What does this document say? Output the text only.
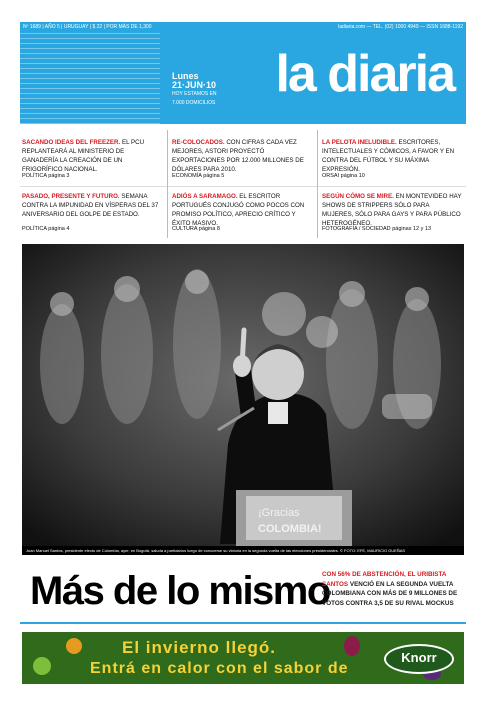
Nº 1689 | AÑO 5 | URUGUAY | $ 22 | POR MÁS DE 1,300	ladiaria.com — TEL. (02) 1000 4949 — ISSN 1688-1192
Lunes
21·JUN·10
HOY ESTAMOS EN
7.000 DOMICILIOS la diaria
SACANDO IDEAS DEL FREEZER. EL PCU REPLANTEARÁ AL MINISTERIO DE GANADERÍA LA CREACIÓN DE UN FRIGORÍFICO NACIONAL.
RE-COLOCADOS. CON CIFRAS CADA VEZ MEJORES, ASTORI PROYECTÓ EXPORTACIONES POR 12.000 MILLONES DE DÓLARES PARA 2010.
LA PELOTA INELUDIBLE. ESCRITORES, INTELECTUALES Y CÓMICOS, A FAVOR Y EN CONTRA DEL FÚTBOL Y SU MÁXIMA EXPRESIÓN.
POLÍTICA página 3	ECONOMÍA página 5	ORSAI página 10
PASADO, PRESENTE Y FUTURO. SEMANA CONTRA LA IMPUNIDAD EN VÍSPERAS DEL 37 ANIVERSARIO DEL GOLPE DE ESTADO.
ADIÓS A SARAMAGO. EL ESCRITOR PORTUGUÉS CONJUGÓ COMO POCOS CON PROMISO POLÍTICO, APRECIO CRÍTICO Y ÉXITO MASIVO.
SEGÚN CÓMO SE MIRE. EN MONTEVIDEO HAY SHOWS DE STRIPPERS SÓLO PARA MUJERES, SÓLO PARA GAYS Y PARA PÚBLICO HETEROGÉNEO.
POLÍTICA página 4	CULTURA página 8	FOTOGRAFÍA / SOCIEDAD páginas 12 y 13
¡Gracias
COLOMBIA!
Juan Manuel Santos, presidente electo de Colombia, ayer, en Bogotá, saluda a partidarios luego de conocerse su victoria en la segunda vuelta de las elecciones presidenciales. © FOTO: EFE, MAURICIO DUEÑAS
Más de lo mismo
CON 56% DE ABSTENCIÓN, EL URIBISTA SANTOS VENCIÓ EN LA SEGUNDA VUELTA COLOMBIANA CON MÁS DE 9 MILLONES DE VOTOS CONTRA 3,5 DE SU RIVAL MOCKUS
El invierno llegó.
Entrá en calor con el sabor de
Knorr
